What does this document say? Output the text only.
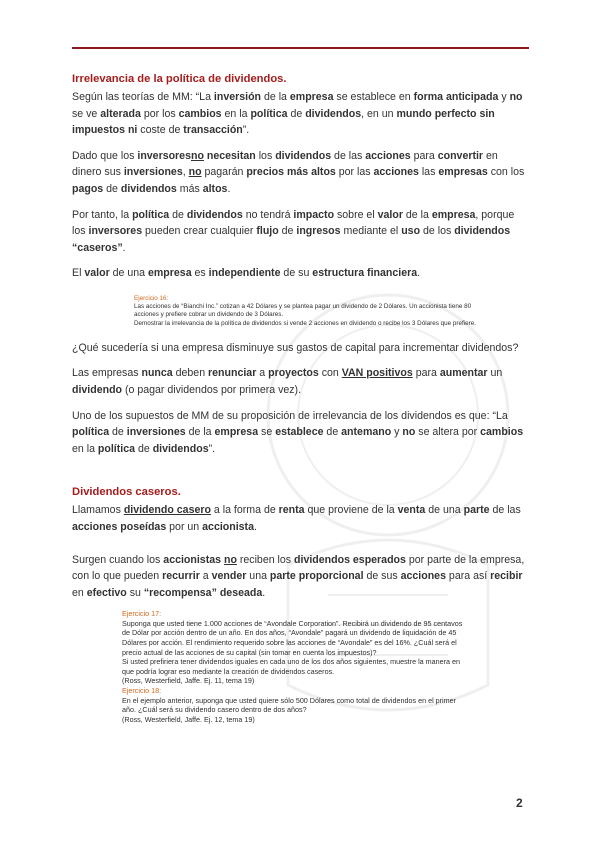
Irrelevancia de la política de dividendos.

Según las teorías de MM: “La inversión de la empresa se establece en forma anticipada y no se ve alterada por los cambios en la política de dividendos, en un mundo perfecto sin impuestos ni coste de transacción”.

Dado que los inversoresno necesitan los dividendos de las acciones para convertir en dinero sus inversiones, no pagarán precios más altos por las acciones las empresas con los pagos de dividendos más altos.

Por tanto, la política de dividendos no tendrá impacto sobre el valor de la empresa, porque los inversores pueden crear cualquier flujo de ingresos mediante el uso de los dividendos “caseros”.

El valor de una empresa es independiente de su estructura financiera.

Ejercicio 16:
Las acciones de “Bianchi Inc.” cotizan a 42 Dólares y se plantea pagar un dividendo de 2 Dólares. Un accionista tiene 80 acciones y prefiere cobrar un dividendo de 3 Dólares.
Demostrar la irrelevancia de la política de dividendos si vende 2 acciones en dividendo o recibe los 3 Dólares que prefiere.

¿Qué sucedería si una empresa disminuye sus gastos de capital para incrementar dividendos?

Las empresas nunca deben renunciar a proyectos con VAN positivos para aumentar un dividendo (o pagar dividendos por primera vez).

Uno de los supuestos de MM de su proposición de irrelevancia de los dividendos es que: “La política de inversiones de la empresa se establece de antemano y no se altera por cambios en la política de dividendos”.

Dividendos caseros.

Llamamos dividendo casero a la forma de renta que proviene de la venta de una parte de las acciones poseídas por un accionista.

Surgen cuando los accionistas no reciben los dividendos esperados por parte de la empresa, con lo que pueden recurrir a vender una parte proporcional de sus acciones para así recibir en efectivo su “recompensa” deseada.

Ejercicio 17:
Suponga que usted tiene 1.000 acciones de “Avondale Corporation”. Recibirá un dividendo de 95 centavos de Dólar por acción dentro de un año. En dos años, “Avondale” pagará un dividendo de liquidación de 45 Dólares por acción. El rendimiento requerido sobre las acciones de “Avondale” es del 16%. ¿Cuál será el precio actual de las acciones de su capital (sin tomar en cuenta los impuestos)?
Si usted prefiriera tener dividendos iguales en cada uno de los dos años siguientes, muestre la manera en que podría lograr eso mediante la creación de dividendos caseros.
(Ross, Westerfield, Jaffe. Ej. 11, tema 19)
Ejercicio 18:
En el ejemplo anterior, suponga que usted quiere sólo 500 Dólares como total de dividendos en el primer año. ¿Cuál será su dividendo casero dentro de dos años?
(Ross, Westerfield, Jaffe. Ej. 12, tema 19)
2
